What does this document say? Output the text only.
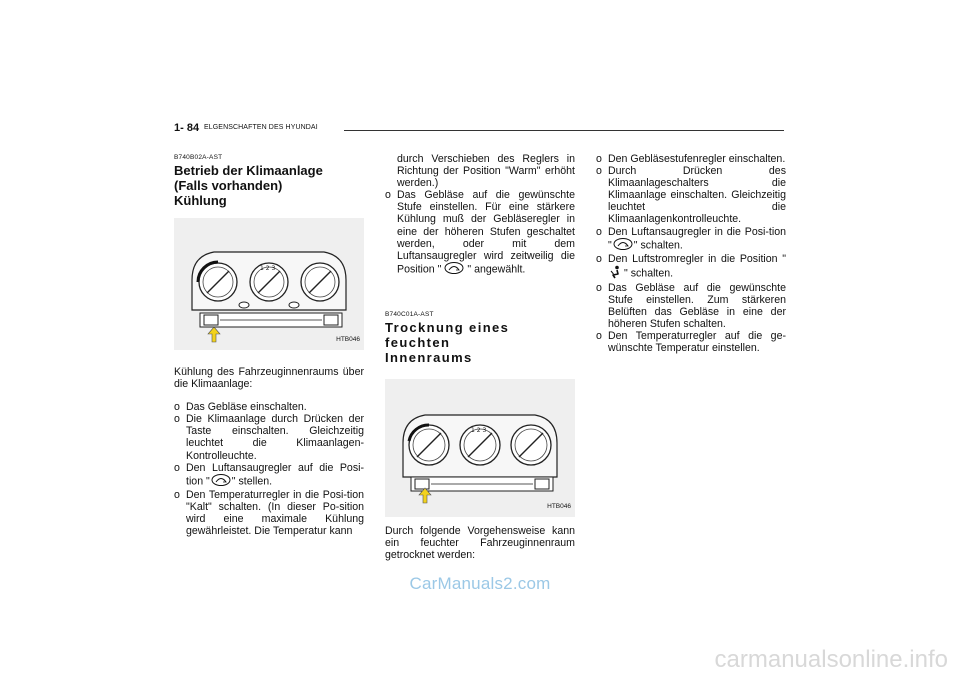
1- 84 ELGENSCHAFTEN DES HYUNDAI
B740B02A-AST
Betrieb der Klimaanlage
(Falls vorhanden)
Kühlung
1 2 3
HTB046

Kühlung des Fahrzeuginnenraums über die Klimaanlage:

o Das Gebläse einschalten.
o Die Klimaanlage durch Drücken der Taste einschalten. Gleichzeitig leuchtet die Klimaanlagen-Kontrolleuchte.
o Den Luftansaugregler auf die Posi-tion " " stellen.
o Den Temperaturregler in die Posi-tion "Kalt" schalten. (In dieser Po-sition wird eine maximale Kühlung gewährleistet. Die Temperatur kann
durch Verschieben des Reglers in Richtung der Position "Warm" erhöht werden.)
o Das Gebläse auf die gewünschte Stufe einstellen. Für eine stärkere Kühlung muß der Gebläseregler in eine der höheren Stufen geschaltet werden, oder mit dem Luftansaugregler wird zeitweilig die Position " " angewählt.
B740C01A-AST
Trocknung eines feuchten
Innenraums
1 2 3
HTB046

Durch folgende Vorgehensweise kann ein feuchter Fahrzeuginnenraum getrocknet werden:

o Den Gebläsestufenregler einschalten.
o Durch Drücken des Klimaanlageschalters die Klimaanlage einschalten. Gleichzeitig leuchtet die Klimaanlagenkontrolleuchte.
o Den Luftansaugregler in die Posi-tion " " schalten.
o Den Luftstromregler in die Position "" schalten.
o Das Gebläse auf die gewünschte Stufe einstellen. Zum stärkeren Belüften das Gebläse in eine der höheren Stufen schalten.
o Den Temperaturregler auf die ge-wünschte Temperatur einstellen.
CarManuals2.com
carmanualsonline.info
